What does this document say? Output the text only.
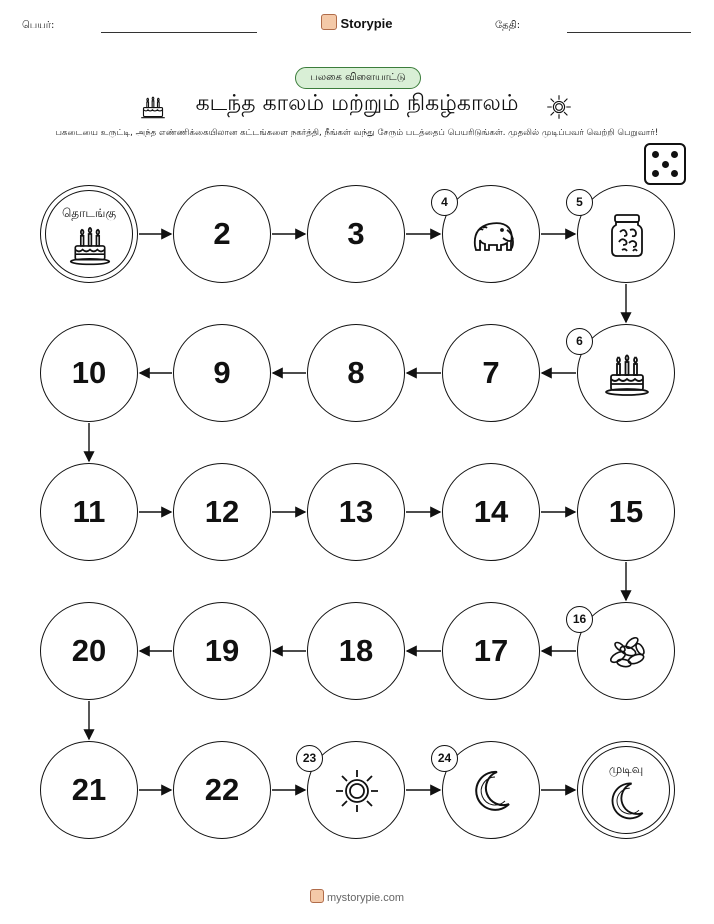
பெயர்:	Storypie	தேதி:
பலகை விளையாட்டு
கடந்த காலம் மற்றும் நிகழ்காலம்
பகடையை உருட்டி, அந்த எண்ணிக்கையிலான கட்டங்களை நகர்த்தி, நீங்கள் வந்து சேரும் படத்தைப் பெயரிடுங்கள். முதலில் முடிப்பவர் வெற்றி பெறுவார்!
தொடங்கு
2	3
4	5
6
7
8
9
10
11	12	13	14	15
16
17
18
19
20
21	22
23	24
முடிவு
mystorypie.com
